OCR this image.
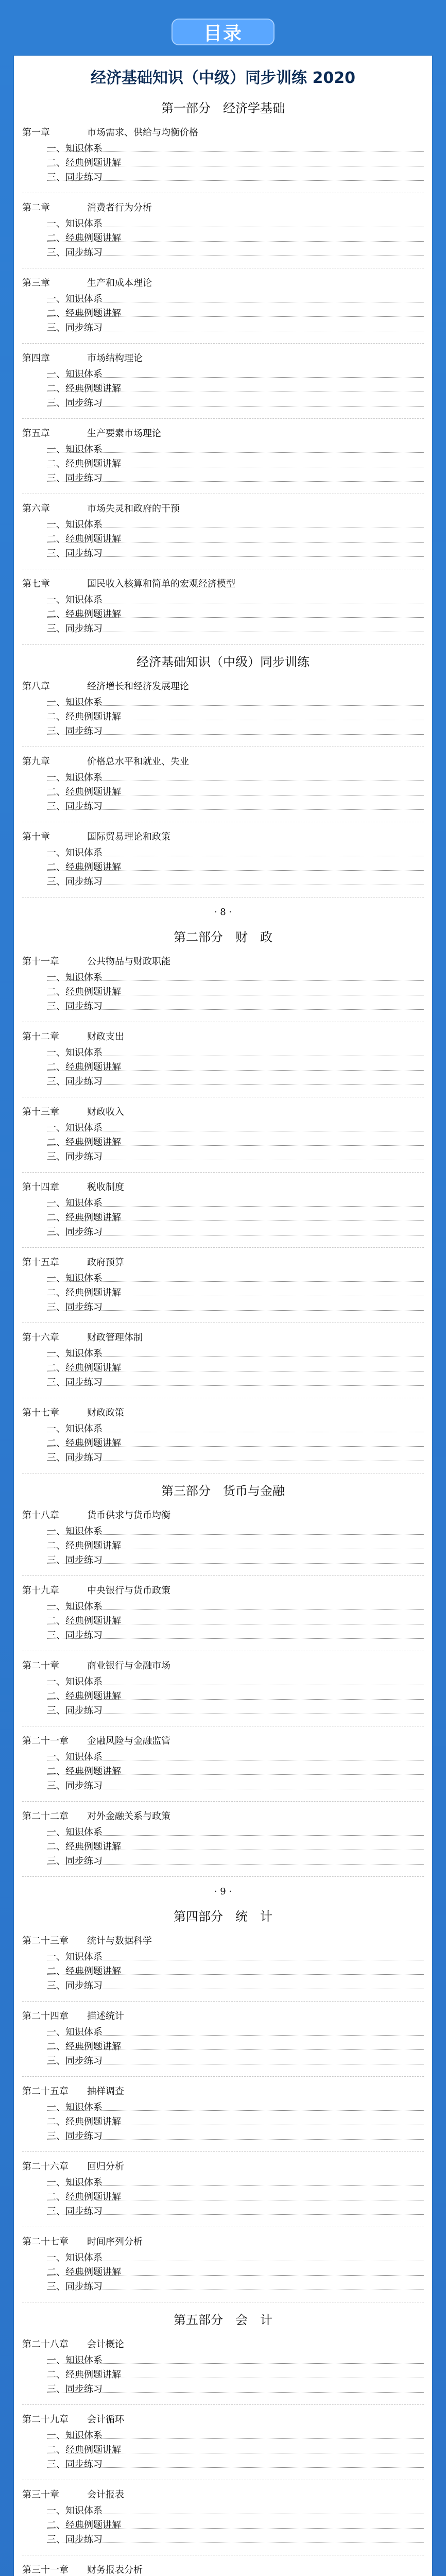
目录
经济基础知识（中级）同步训练 2020
第一部分　经济学基础
第一章	市场需求、供给与均衡价格
一、知识体系
二、经典例题讲解
三、同步练习
第二章	消费者行为分析
一、知识体系
二、经典例题讲解
三、同步练习
第三章	生产和成本理论
一、知识体系
二、经典例题讲解
三、同步练习
第四章	市场结构理论
一、知识体系
二、经典例题讲解
三、同步练习
第五章	生产要素市场理论
一、知识体系
二、经典例题讲解
三、同步练习
第六章	市场失灵和政府的干预
一、知识体系
二、经典例题讲解
三、同步练习
第七章	国民收入核算和简单的宏观经济模型
一、知识体系
二、经典例题讲解
三、同步练习
经济基础知识（中级）同步训练
第八章	经济增长和经济发展理论
一、知识体系
二、经典例题讲解
三、同步练习
第九章	价格总水平和就业、失业
一、知识体系
二、经典例题讲解
三、同步练习
第十章	国际贸易理论和政策
一、知识体系
二、经典例题讲解
三、同步练习
· 8 ·
第二部分　财　政
第十一章	公共物品与财政职能
一、知识体系
二、经典例题讲解
三、同步练习
第十二章	财政支出
一、知识体系
二、经典例题讲解
三、同步练习
第十三章	财政收入
一、知识体系
二、经典例题讲解
三、同步练习
第十四章	税收制度
一、知识体系
二、经典例题讲解
三、同步练习
第十五章	政府预算
一、知识体系
二、经典例题讲解
三、同步练习
第十六章	财政管理体制
一、知识体系
二、经典例题讲解
三、同步练习
第十七章	财政政策
一、知识体系
二、经典例题讲解
三、同步练习
第三部分　货币与金融
第十八章	货币供求与货币均衡
一、知识体系
二、经典例题讲解
三、同步练习
第十九章	中央银行与货币政策
一、知识体系
二、经典例题讲解
三、同步练习
第二十章	商业银行与金融市场
一、知识体系
二、经典例题讲解
三、同步练习
第二十一章	金融风险与金融监管
一、知识体系
二、经典例题讲解
三、同步练习
第二十二章	对外金融关系与政策
一、知识体系
二、经典例题讲解
三、同步练习
· 9 ·
第四部分　统　计
第二十三章	统计与数据科学
一、知识体系
二、经典例题讲解
三、同步练习
第二十四章	描述统计
一、知识体系
二、经典例题讲解
三、同步练习
第二十五章	抽样调查
一、知识体系
二、经典例题讲解
三、同步练习
第二十六章	回归分析
一、知识体系
二、经典例题讲解
三、同步练习
第二十七章	时间序列分析
一、知识体系
二、经典例题讲解
三、同步练习
第五部分　会　计
第二十八章	会计概论
一、知识体系
二、经典例题讲解
三、同步练习
第二十九章	会计循环
一、知识体系
二、经典例题讲解
三、同步练习
第三十章	会计报表
一、知识体系
二、经典例题讲解
三、同步练习
第三十一章	财务报表分析
